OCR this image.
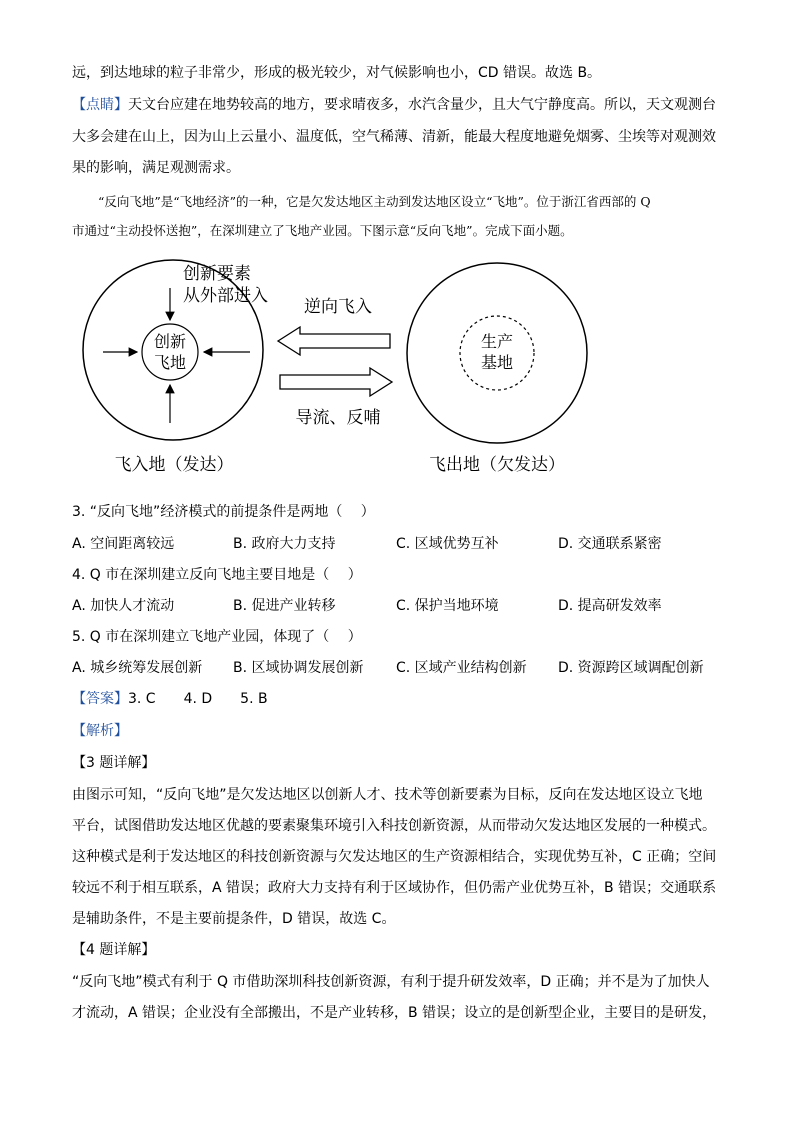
远，到达地球的粒子非常少，形成的极光较少，对气候影响也小，CD 错误。故选 B。
【点睛】天文台应建在地势较高的地方，要求晴夜多，水汽含量少，且大气宁静度高。所以，天文观测台
大多会建在山上，因为山上云量小、温度低，空气稀薄、清新，能最大程度地避免烟雾、尘埃等对观测效
果的影响，满足观测需求。
“反向飞地”是“飞地经济”的一种，它是欠发达地区主动到发达地区设立“飞地”。位于浙江省西部的 Q
市通过“主动投怀送抱”，在深圳建立了飞地产业园。下图示意“反向飞地”。完成下面小题。
创新要素
从外部进入
创新
飞地
逆向飞入
导流、反哺
生产
基地
飞入地（发达）	飞出地（欠发达）
3. “反向飞地”经济模式的前提条件是两地（　 ）
A. 空间距离较远	B. 政府大力支持	C. 区域优势互补	D. 交通联系紧密
4. Q 市在深圳建立反向飞地主要目地是（　 ）
A. 加快人才流动	B. 促进产业转移	C. 保护当地环境	D. 提高研发效率
5. Q 市在深圳建立飞地产业园，体现了（　 ）
A. 城乡统筹发展创新 B. 区域协调发展创新 C. 区域产业结构创新 D. 资源跨区域调配创新
【答案】3. C　　4. D　　5. B
【解析】
【3 题详解】
由图示可知，“反向飞地”是欠发达地区以创新人才、技术等创新要素为目标，反向在发达地区设立飞地
平台，试图借助发达地区优越的要素聚集环境引入科技创新资源，从而带动欠发达地区发展的一种模式。
这种模式是利于发达地区的科技创新资源与欠发达地区的生产资源相结合，实现优势互补，C 正确；空间
较远不利于相互联系，A 错误；政府大力支持有利于区域协作，但仍需产业优势互补，B 错误；交通联系
是辅助条件，不是主要前提条件，D 错误，故选 C。
【4 题详解】
“反向飞地”模式有利于 Q 市借助深圳科技创新资源，有利于提升研发效率，D 正确；并不是为了加快人
才流动，A 错误；企业没有全部搬出，不是产业转移，B 错误；设立的是创新型企业，主要目的是研发，
